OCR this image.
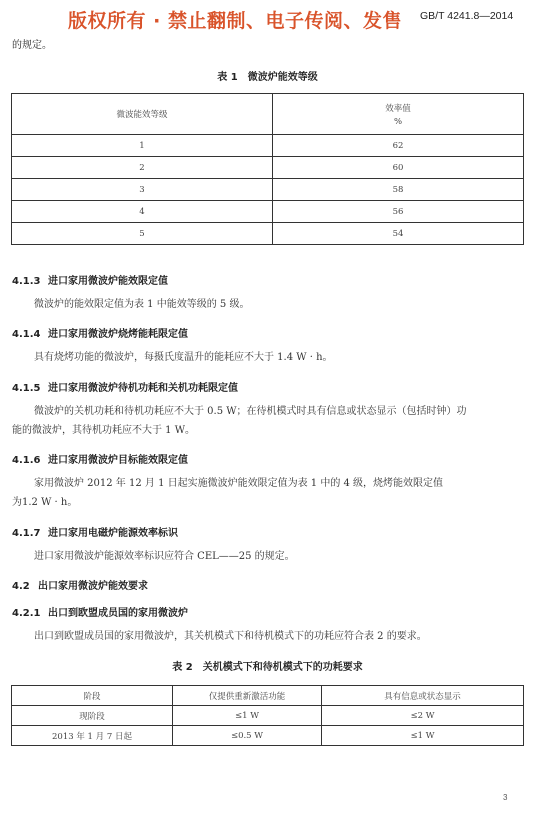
版权所有 · 禁止翻制、电子传阅、发售 GB/T 4241.8—2014
的规定。
表 1　微波炉能效等级
微波能效等级	效率值
%

1	62
2	60
3	58
4	56
5	54
4.1.3 进口家用微波炉能效限定值
微波炉的能效限定值为表 1 中能效等级的 5 级。
4.1.4 进口家用微波炉烧烤能耗限定值
具有烧烤功能的微波炉，每摄氏度温升的能耗应不大于 1.4 W · h。
4.1.5 进口家用微波炉待机功耗和关机功耗限定值
微波炉的关机功耗和待机功耗应不大于 0.5 W；在待机模式时具有信息或状态显示（包括时钟）功
能的微波炉，其待机功耗应不大于 1 W。
4.1.6 进口家用微波炉目标能效限定值
家用微波炉 2012 年 12 月 1 日起实施微波炉能效限定值为表 1 中的 4 级，烧烤能效限定值
为1.2 W · h。
4.1.7 进口家用电磁炉能源效率标识
进口家用微波炉能源效率标识应符合 CEL——25 的规定。
4.2 出口家用微波炉能效要求
4.2.1 出口到欧盟成员国的家用微波炉
出口到欧盟成员国的家用微波炉，其关机模式下和待机模式下的功耗应符合表 2 的要求。
表 2　关机模式下和待机模式下的功耗要求
阶段	仅提供重新激活功能	具有信息或状态显示
现阶段	≤1 W	≤2 W
2013 年 1 月 7 日起	≤0.5 W	≤1 W
3
